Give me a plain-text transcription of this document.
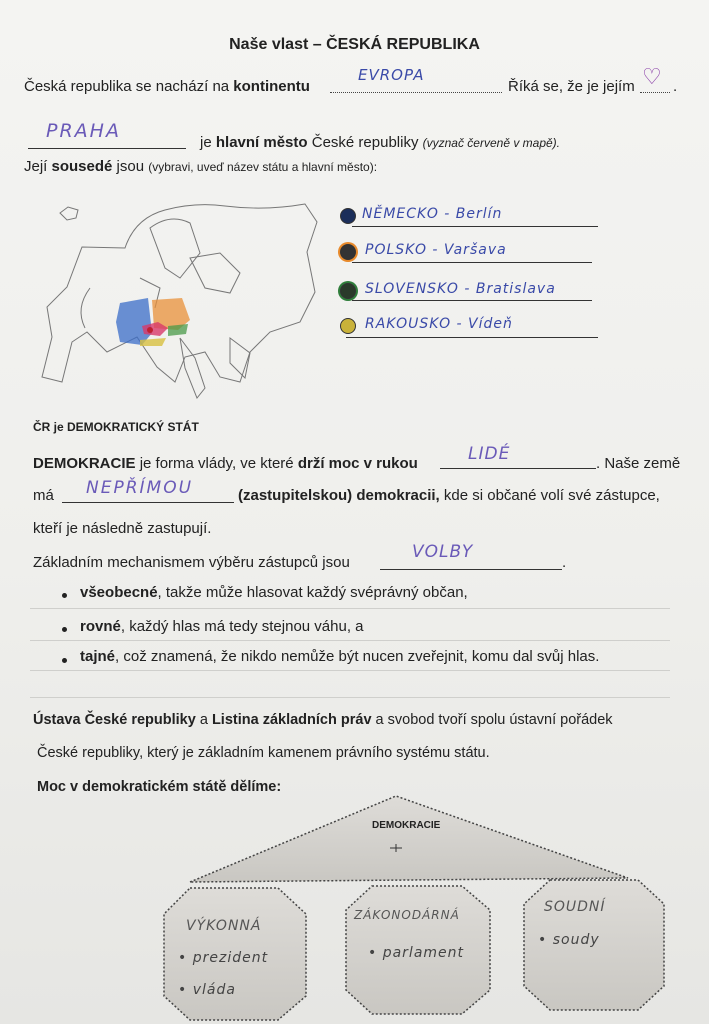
Naše vlast – ČESKÁ REPUBLIKA
Česká republika se nachází na kontinentu
EVROPA
Říká se, že je jejím ♡ .
PRAHA
je hlavní město České republiky (vyznač červeně v mapě).
Její sousedé jsou (vybravi, uveď název státu a hlavní město):
NĚMECKO - Berlín
POLSKO - Varšava
SLOVENSKO - Bratislava
RAKOUSKO - Vídeň
ČR je DEMOKRATICKÝ STÁT
DEMOKRACIE je forma vlády, ve které drží moc v rukou	LIDÉ	. Naše země
má NEPŘÍMOU	(zastupitelskou) demokracii, kde si občané volí své zástupce,
kteří je následně zastupují.
Základním mechanismem výběru zástupců jsou
VOLBY
.
všeobecné, takže může hlasovat každý svéprávný občan,
rovné, každý hlas má tedy stejnou váhu, a
tajné, což znamená, že nikdo nemůže být nucen zveřejnit, komu dal svůj hlas.
Ústava České republiky a Listina základních práv a svobod tvoří spolu ústavní pořádek
České republiky, který je základním kamenem právního systému státu.
Moc v demokratickém státě dělíme:
DEMOKRACIE
VÝKONNÁ
• prezident
• vláda
ZÁKONODÁRNÁ
• parlament
SOUDNÍ
• soudy
